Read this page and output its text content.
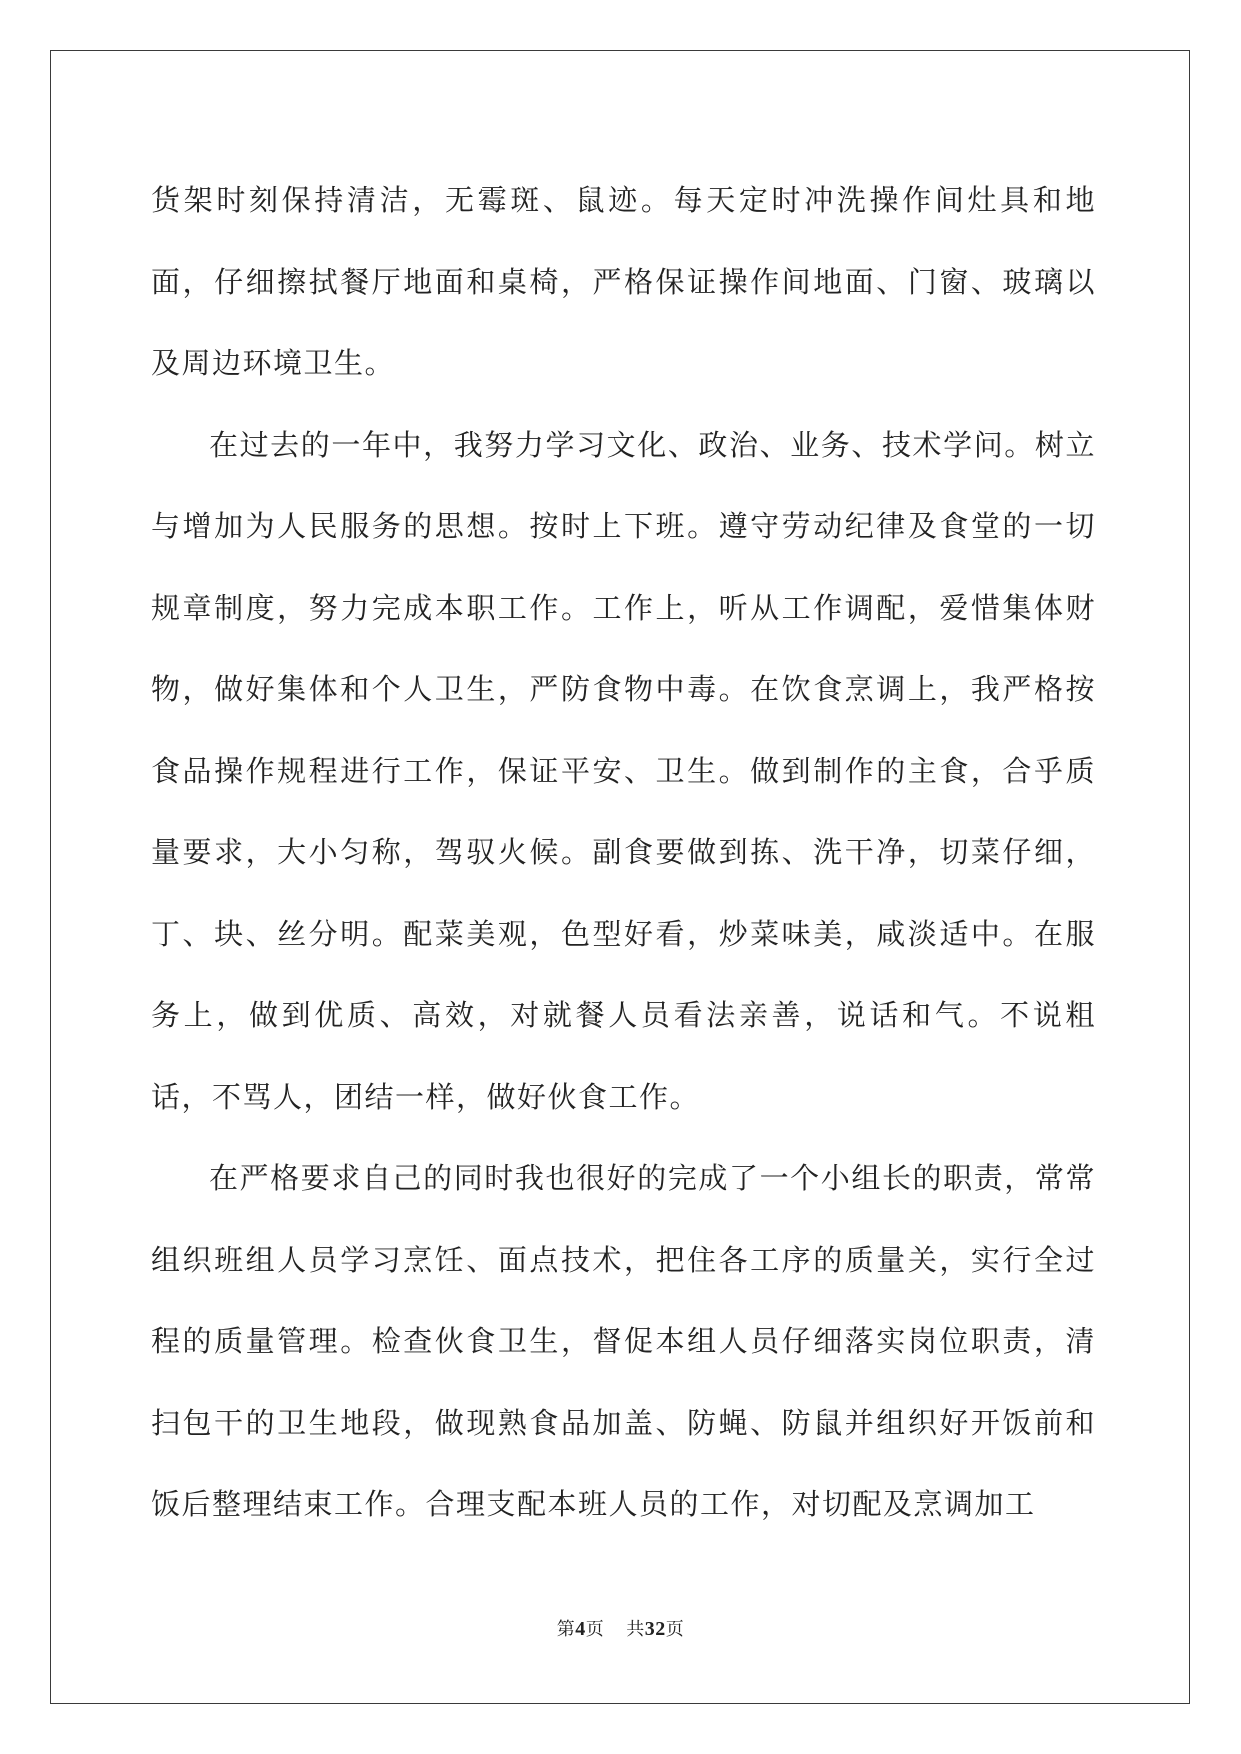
货架时刻保持清洁，无霉斑、鼠迹。每天定时冲洗操作间灶具和地面，仔细擦拭餐厅地面和桌椅，严格保证操作间地面、门窗、玻璃以及周边环境卫生。

在过去的一年中，我努力学习文化、政治、业务、技术学问。树立与增加为人民服务的思想。按时上下班。遵守劳动纪律及食堂的一切规章制度，努力完成本职工作。工作上，听从工作调配，爱惜集体财物，做好集体和个人卫生，严防食物中毒。在饮食烹调上，我严格按食品操作规程进行工作，保证平安、卫生。做到制作的主食，合乎质量要求，大小匀称，驾驭火候。副食要做到拣、洗干净，切菜仔细，丁、块、丝分明。配菜美观，色型好看，炒菜味美，咸淡适中。在服务上，做到优质、高效，对就餐人员看法亲善，说话和气。不说粗话，不骂人，团结一样，做好伙食工作。

在严格要求自己的同时我也很好的完成了一个小组长的职责，常常组织班组人员学习烹饪、面点技术，把住各工序的质量关，实行全过程的质量管理。检查伙食卫生，督促本组人员仔细落实岗位职责，清扫包干的卫生地段，做现熟食品加盖、防蝇、防鼠并组织好开饭前和饭后整理结束工作。合理支配本班人员的工作，对切配及烹调加工

第4页 共32页
